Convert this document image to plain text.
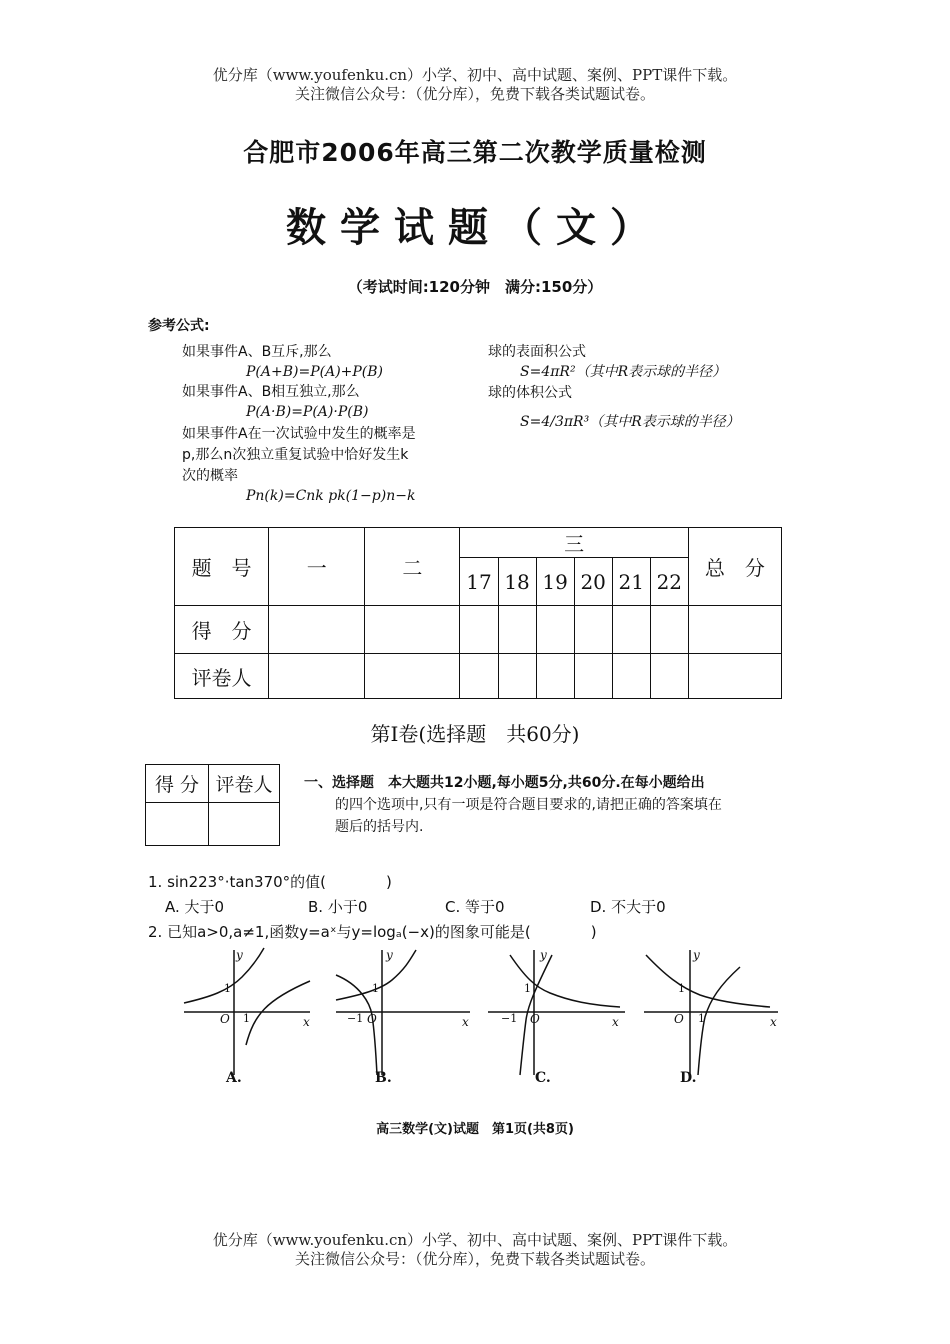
优分库（www.youfenku.cn）小学、初中、高中试题、案例、PPT课件下载。
关注微信公众号：（优分库），免费下载各类试题试卷。
合肥市2006年高三第二次教学质量检测
数学试题（文）
（考试时间:120分钟　满分:150分）
参考公式:
如果事件A、B互斥,那么
P(A+B)=P(A)+P(B)
如果事件A、B相互独立,那么
P(A·B)=P(A)·P(B)
如果事件A在一次试验中发生的概率是
p,那么n次独立重复试验中恰好发生k
次的概率
Pn(k)=Cnk pk(1−p)n−k
球的表面积公式
S=4πR²（其中R表示球的半径）
球的体积公式
S=4/3πR³（其中R表示球的半径）
题　号	一	二	三						总　分
			17	18	19	20	21	22	
得　分									
评卷人									
第Ⅰ卷(选择题　共60分)
得 分	评卷人
	一、选择题　本大题共12小题,每小题5分,共60分.在每小题给出
的四个选项中,只有一项是符合题目要求的,请把正确的答案填在
题后的括号内.
1. sin223°·tan370°的值(　　　　)
A. 大于0	B. 小于0	C. 等于0	D. 不大于0
2. 已知a>0,a≠1,函数y=aˣ与y=logₐ(−x)的图象可能是(　　　　)
A.	B.	C.	D.
y
x
O
1
1
y
x
O
1
−1
y
x
O
1
−1
y
x
O
1
1
高三数学(文)试题　第1页(共8页)
优分库（www.youfenku.cn）小学、初中、高中试题、案例、PPT课件下载。
关注微信公众号：（优分库），免费下载各类试题试卷。
